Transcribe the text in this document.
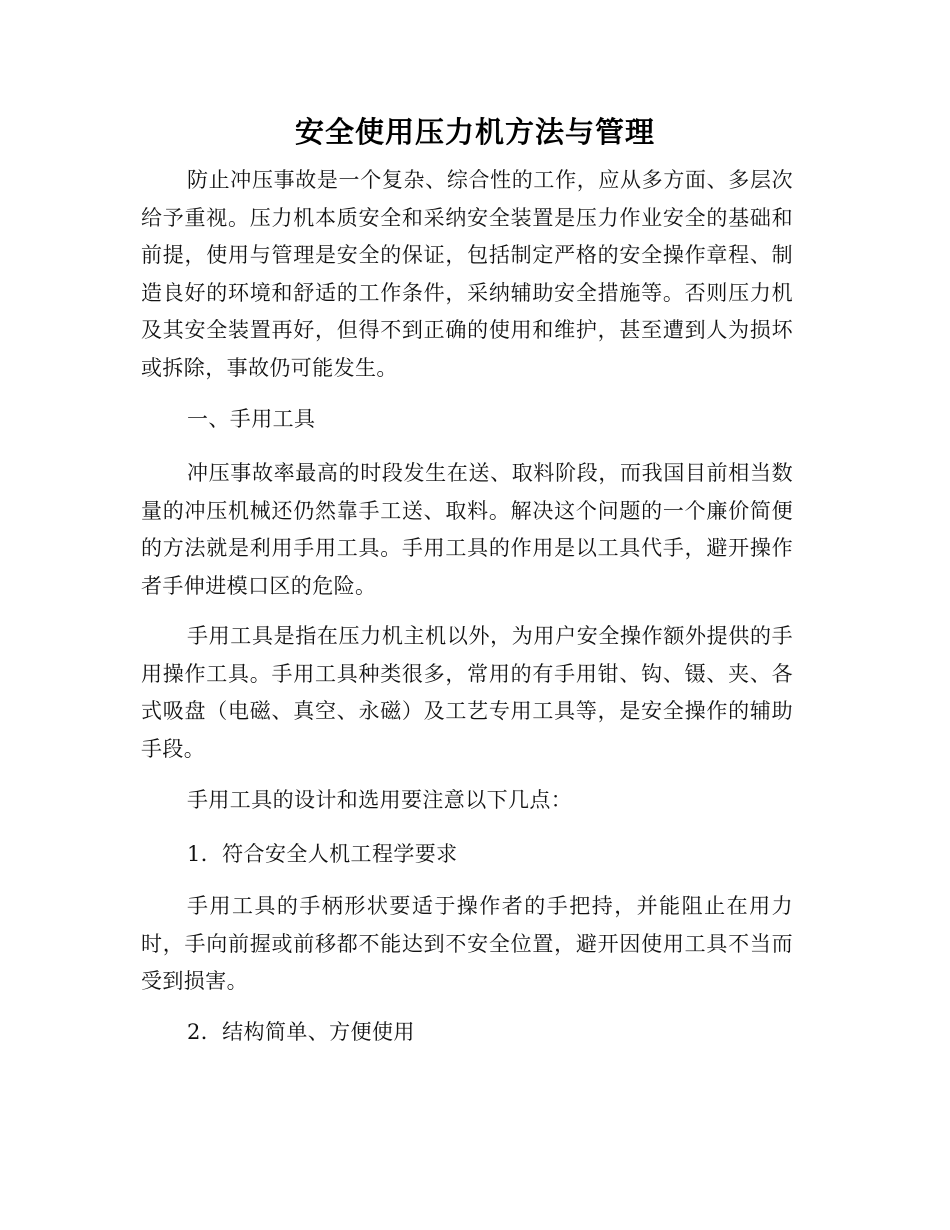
安全使用压力机方法与管理

防止冲压事故是一个复杂、综合性的工作，应从多方面、多层次给予重视。压力机本质安全和采纳安全装置是压力作业安全的基础和前提，使用与管理是安全的保证，包括制定严格的安全操作章程、制造良好的环境和舒适的工作条件，采纳辅助安全措施等。否则压力机及其安全装置再好，但得不到正确的使用和维护，甚至遭到人为损坏或拆除，事故仍可能发生。

一、手用工具

冲压事故率最高的时段发生在送、取料阶段，而我国目前相当数量的冲压机械还仍然靠手工送、取料。解决这个问题的一个廉价简便的方法就是利用手用工具。手用工具的作用是以工具代手，避开操作者手伸进模口区的危险。

手用工具是指在压力机主机以外，为用户安全操作额外提供的手用操作工具。手用工具种类很多，常用的有手用钳、钩、镊、夹、各式吸盘（电磁、真空、永磁）及工艺专用工具等，是安全操作的辅助手段。

手用工具的设计和选用要注意以下几点：

1．符合安全人机工程学要求

手用工具的手柄形状要适于操作者的手把持，并能阻止在用力时，手向前握或前移都不能达到不安全位置，避开因使用工具不当而受到损害。

2．结构简单、方便使用
